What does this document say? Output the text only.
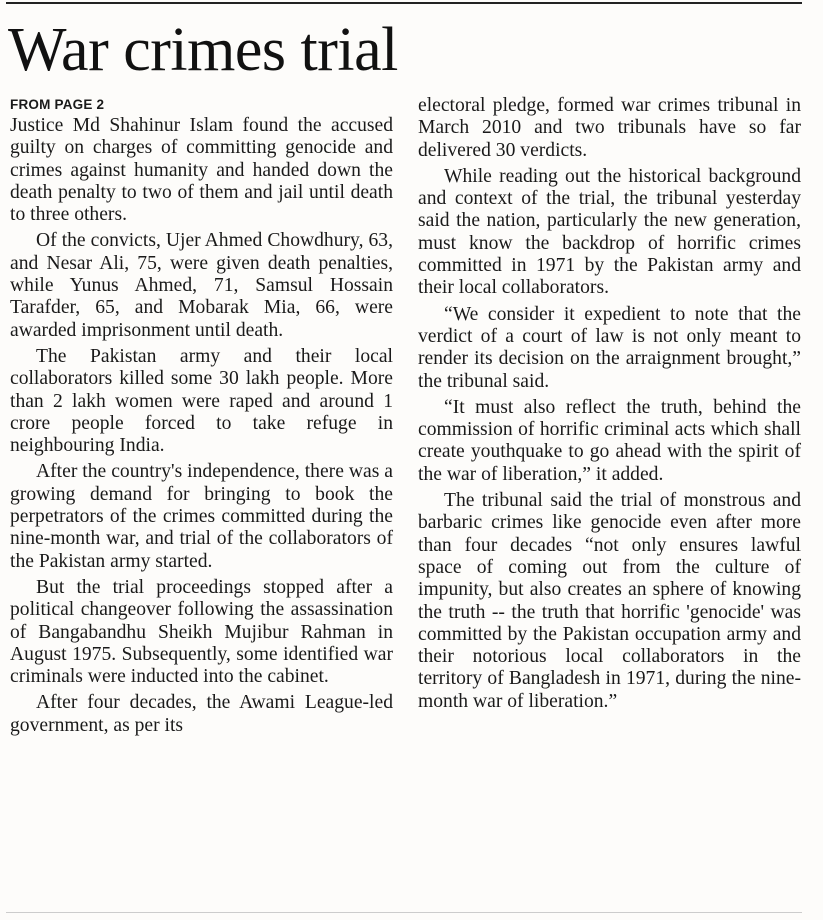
War crimes trial

FROM PAGE 2

Justice Md Shahinur Islam found the accused guilty on charges of committing genocide and crimes against humanity and handed down the death penalty to two of them and jail until death to three others.

Of the convicts, Ujer Ahmed Chowdhury, 63, and Nesar Ali, 75, were given death penalties, while Yunus Ahmed, 71, Samsul Hossain Tarafder, 65, and Mobarak Mia, 66, were awarded imprisonment until death.

The Pakistan army and their local collaborators killed some 30 lakh people. More than 2 lakh women were raped and around 1 crore people forced to take refuge in neighbouring India.

After the country's independence, there was a growing demand for bringing to book the perpetrators of the crimes committed during the nine-month war, and trial of the collaborators of the Pakistan army started.

But the trial proceedings stopped after a political changeover following the assassination of Bangabandhu Sheikh Mujibur Rahman in August 1975. Subsequently, some identified war criminals were inducted into the cabinet.

After four decades, the Awami League-led government, as per its

electoral pledge, formed war crimes tribunal in March 2010 and two tribunals have so far delivered 30 verdicts.

While reading out the historical background and context of the trial, the tribunal yesterday said the nation, particularly the new generation, must know the backdrop of horrific crimes committed in 1971 by the Pakistan army and their local collaborators.

“We consider it expedient to note that the verdict of a court of law is not only meant to render its decision on the arraignment brought,” the tribunal said.

“It must also reflect the truth, behind the commission of horrific criminal acts which shall create youthquake to go ahead with the spirit of the war of liberation,” it added.

The tribunal said the trial of monstrous and barbaric crimes like genocide even after more than four decades “not only ensures lawful space of coming out from the culture of impunity, but also creates an sphere of knowing the truth -- the truth that horrific 'genocide' was committed by the Pakistan occupation army and their notorious local collaborators in the territory of Bangladesh in 1971, during the nine-month war of liberation.”
